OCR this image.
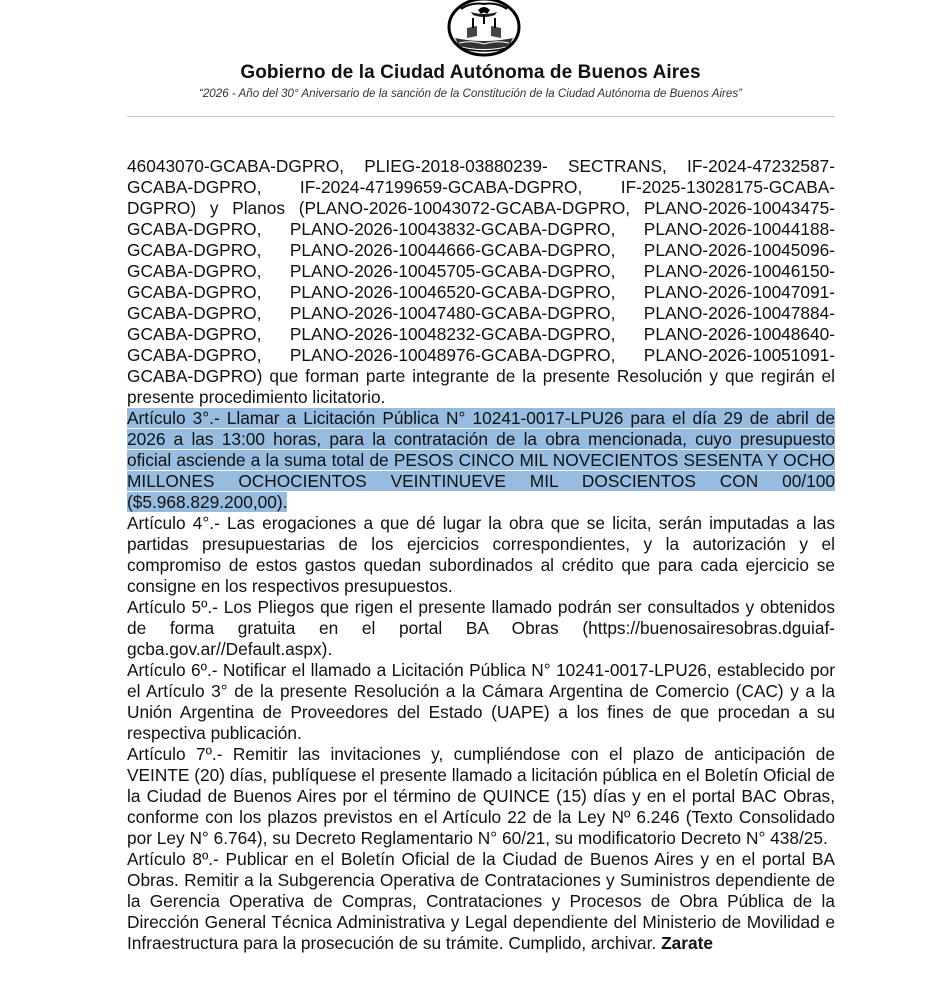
Gobierno de la Ciudad Autónoma de Buenos Aires

“2026 - Año del 30° Aniversario de la sanción de la Constitución de la Ciudad Autónoma de Buenos Aires”

46043070-GCABA-DGPRO, PLIEG-2018-03880239- SECTRANS, IF-2024-47232587-GCABA-DGPRO, IF-2024-47199659-GCABA-DGPRO, IF-2025-13028175-GCABA-DGPRO) y Planos (PLANO-2026-10043072-GCABA-DGPRO, PLANO-2026-10043475-GCABA-DGPRO, PLANO-2026-10043832-GCABA-DGPRO, PLANO-2026-10044188-GCABA-DGPRO, PLANO-2026-10044666-GCABA-DGPRO, PLANO-2026-10045096-GCABA-DGPRO, PLANO-2026-10045705-GCABA-DGPRO, PLANO-2026-10046150-GCABA-DGPRO, PLANO-2026-10046520-GCABA-DGPRO, PLANO-2026-10047091-GCABA-DGPRO, PLANO-2026-10047480-GCABA-DGPRO, PLANO-2026-10047884-GCABA-DGPRO, PLANO-2026-10048232-GCABA-DGPRO, PLANO-2026-10048640-GCABA-DGPRO, PLANO-2026-10048976-GCABA-DGPRO, PLANO-2026-10051091-GCABA-DGPRO) que forman parte integrante de la presente Resolución y que regirán el presente procedimiento licitatorio.

Artículo 3°.- Llamar a Licitación Pública N° 10241-0017-LPU26 para el día 29 de abril de 2026 a las 13:00 horas, para la contratación de la obra mencionada, cuyo presupuesto oficial asciende a la suma total de PESOS CINCO MIL NOVECIENTOS SESENTA Y OCHO MILLONES OCHOCIENTOS VEINTINUEVE MIL DOSCIENTOS CON 00/100 ($5.968.829.200,00).

Artículo 4°.- Las erogaciones a que dé lugar la obra que se licita, serán imputadas a las partidas presupuestarias de los ejercicios correspondientes, y la autorización y el compromiso de estos gastos quedan subordinados al crédito que para cada ejercicio se consigne en los respectivos presupuestos.

Artículo 5º.- Los Pliegos que rigen el presente llamado podrán ser consultados y obtenidos de forma gratuita en el portal BA Obras (https://buenosairesobras.dguiaf-gcba.gov.ar//Default.aspx).

Artículo 6º.- Notificar el llamado a Licitación Pública N° 10241-0017-LPU26, establecido por el Artículo 3° de la presente Resolución a la Cámara Argentina de Comercio (CAC) y a la Unión Argentina de Proveedores del Estado (UAPE) a los fines de que procedan a su respectiva publicación.

Artículo 7º.- Remitir las invitaciones y, cumpliéndose con el plazo de anticipación de VEINTE (20) días, publíquese el presente llamado a licitación pública en el Boletín Oficial de la Ciudad de Buenos Aires por el término de QUINCE (15) días y en el portal BAC Obras, conforme con los plazos previstos en el Artículo 22 de la Ley Nº 6.246 (Texto Consolidado por Ley N° 6.764), su Decreto Reglamentario N° 60/21, su modificatorio Decreto N° 438/25.

Artículo 8º.- Publicar en el Boletín Oficial de la Ciudad de Buenos Aires y en el portal BA Obras. Remitir a la Subgerencia Operativa de Contrataciones y Suministros dependiente de la Gerencia Operativa de Compras, Contrataciones y Procesos de Obra Pública de la Dirección General Técnica Administrativa y Legal dependiente del Ministerio de Movilidad e Infraestructura para la prosecución de su trámite. Cumplido, archivar. Zarate
